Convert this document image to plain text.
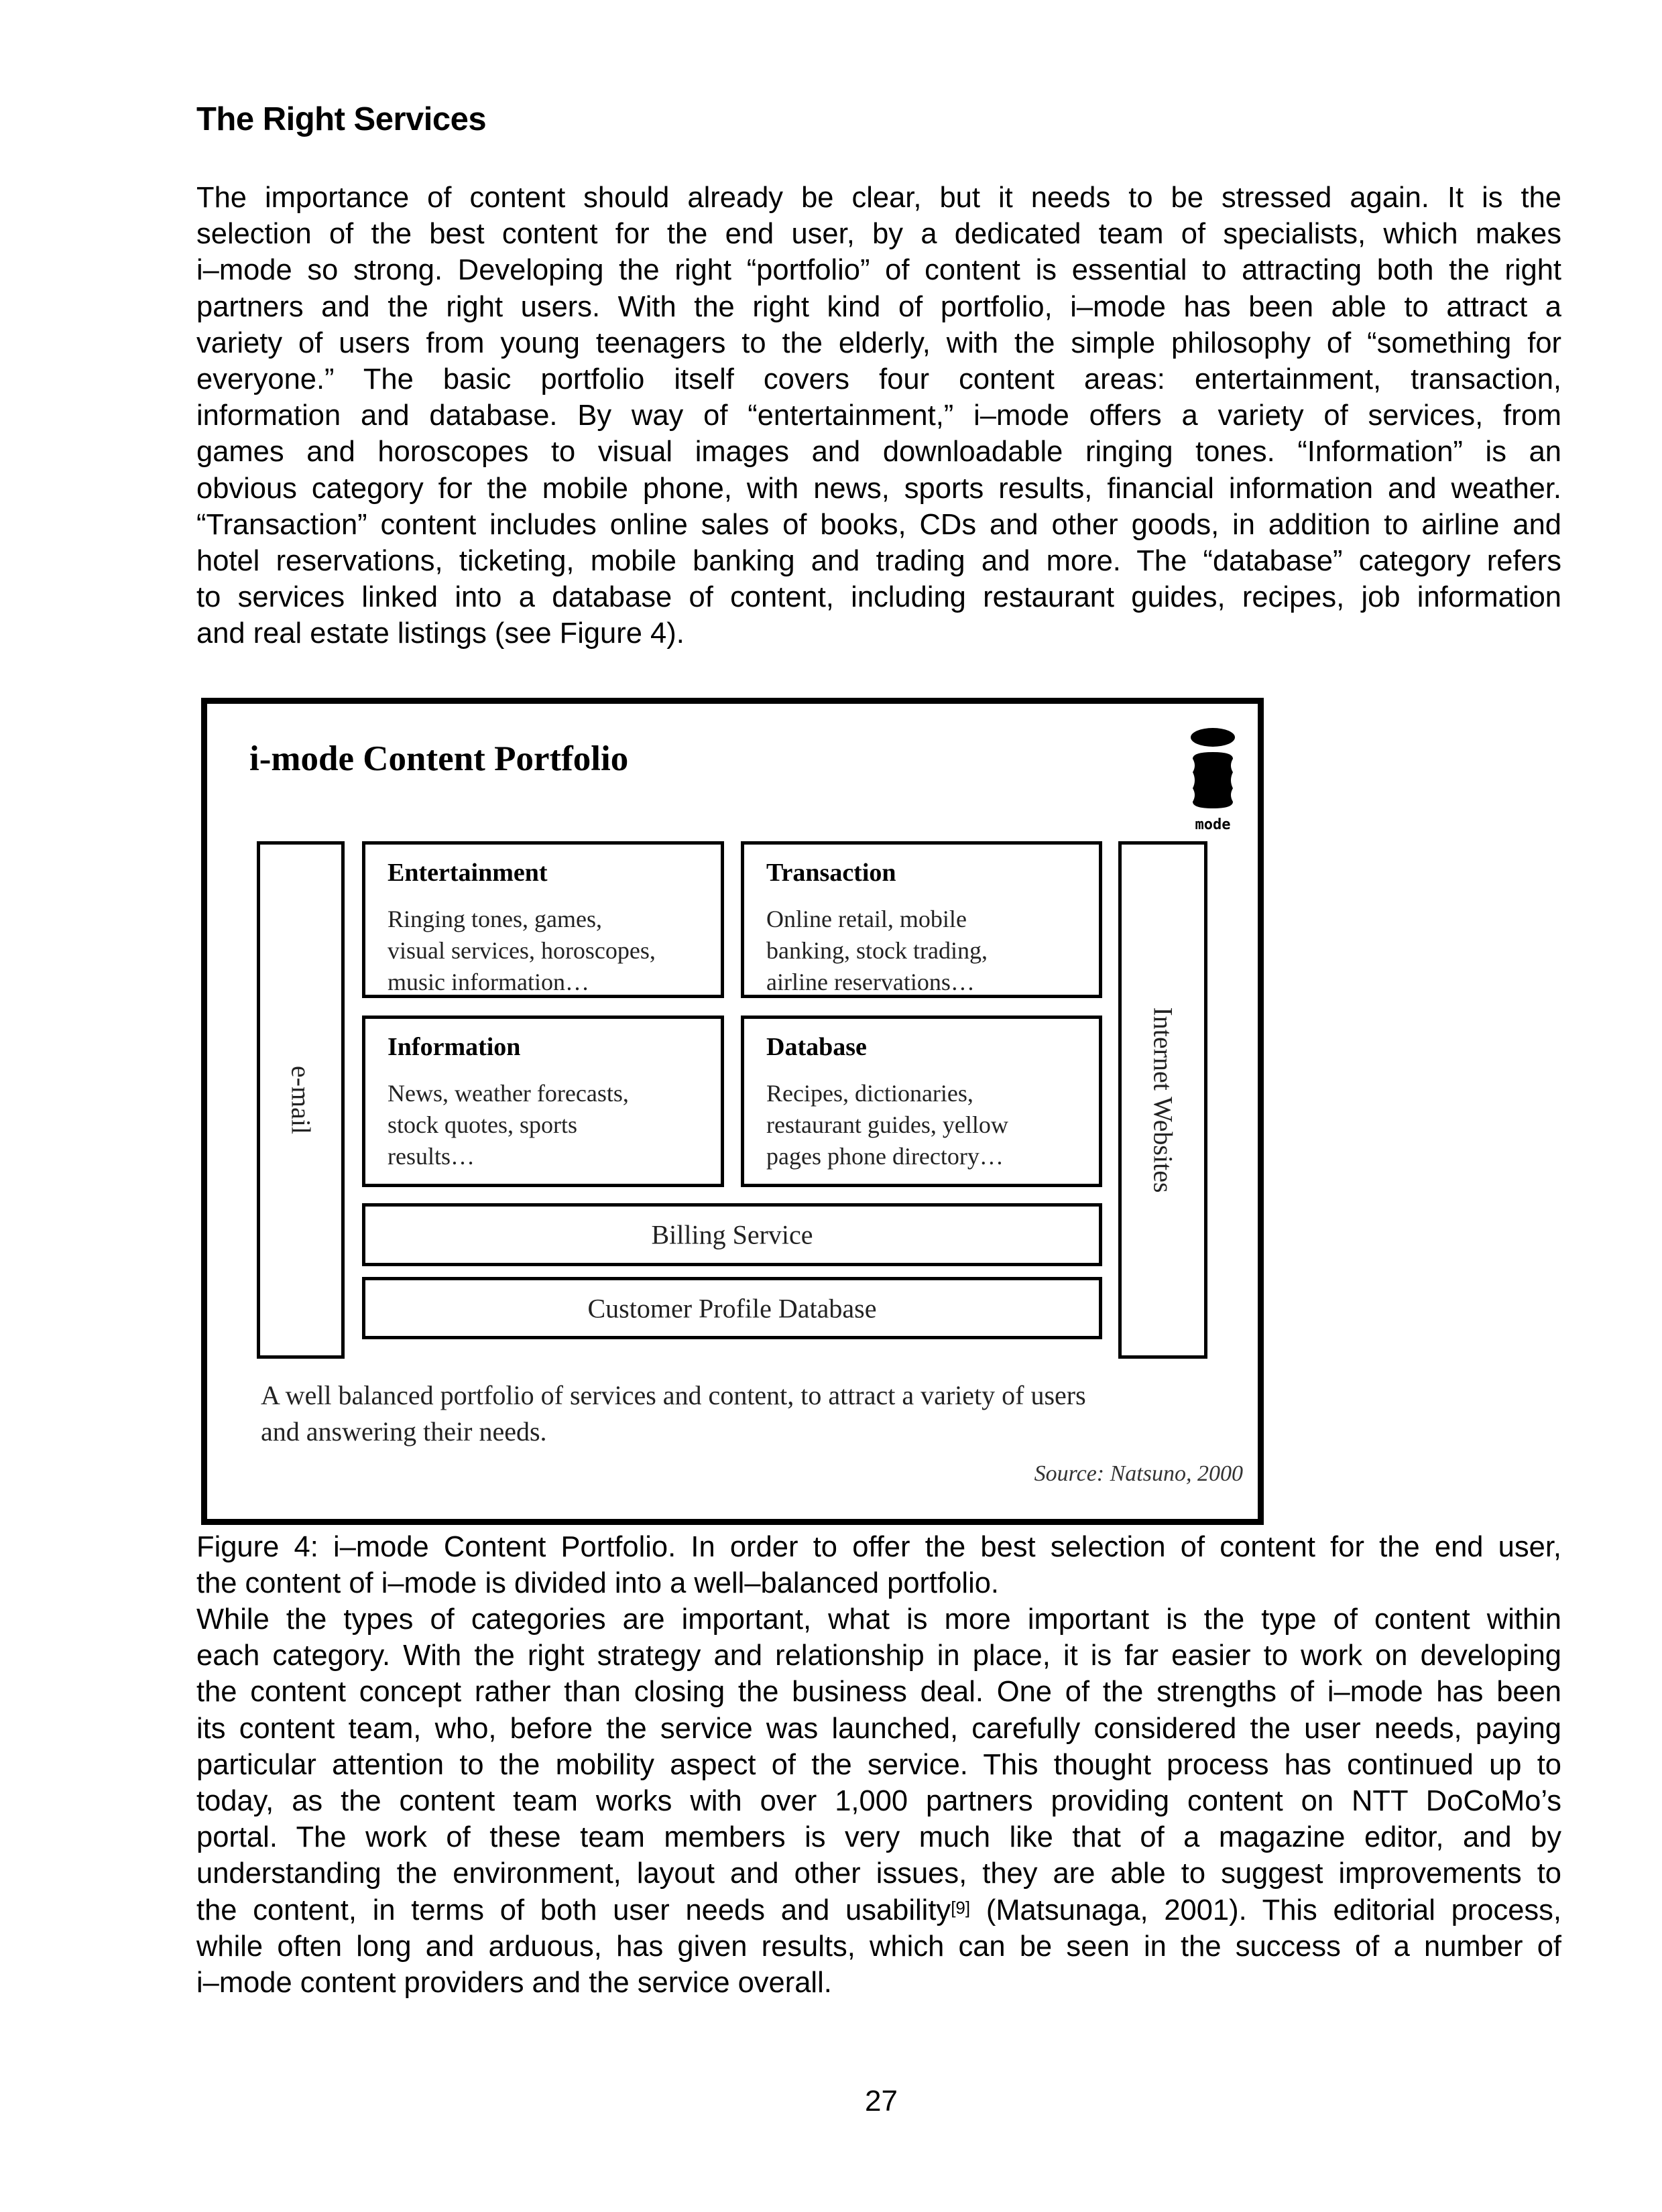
The Right Services
The importance of content should already be clear, but it needs to be stressed again. It is the
selection of the best content for the end user, by a dedicated team of specialists, which makes
i–mode so strong. Developing the right “portfolio” of content is essential to attracting both the right
partners and the right users. With the right kind of portfolio, i–mode has been able to attract a
variety of users from young teenagers to the elderly, with the simple philosophy of “something for
everyone.” The basic portfolio itself covers four content areas: entertainment, transaction,
information and database. By way of “entertainment,” i–mode offers a variety of services, from
games and horoscopes to visual images and downloadable ringing tones. “Information” is an
obvious category for the mobile phone, with news, sports results, financial information and weather.
“Transaction” content includes online sales of books, CDs and other goods, in addition to airline and
hotel reservations, ticketing, mobile banking and trading and more. The “database” category refers
to services linked into a database of content, including restaurant guides, recipes, job information
and real estate listings (see Figure 4).
i-mode Content Portfolio
mode
e-mail
Entertainment
Ringing tones, games,
visual services, horoscopes,
music information…
Transaction
Online retail, mobile
banking, stock trading,
airline reservations…
Information
News, weather forecasts,
stock quotes, sports
results…
Database
Recipes, dictionaries,
restaurant guides, yellow
pages phone directory…
Billing Service
Customer Profile Database
Internet Websites
A well balanced portfolio of services and content, to attract a variety of users
and answering their needs.
Source: Natsuno, 2000
Figure 4: i–mode Content Portfolio. In order to offer the best selection of content for the end user,
the content of i–mode is divided into a well–balanced portfolio.
While the types of categories are important, what is more important is the type of content within
each category. With the right strategy and relationship in place, it is far easier to work on developing
the content concept rather than closing the business deal. One of the strengths of i–mode has been
its content team, who, before the service was launched, carefully considered the user needs, paying
particular attention to the mobility aspect of the service. This thought process has continued up to
today, as the content team works with over 1,000 partners providing content on NTT DoCoMo’s
portal. The work of these team members is very much like that of a magazine editor, and by
understanding the environment, layout and other issues, they are able to suggest improvements to
the content, in terms of both user needs and usability[9] (Matsunaga, 2001). This editorial process,
while often long and arduous, has given results, which can be seen in the success of a number of
i–mode content providers and the service overall.
27
